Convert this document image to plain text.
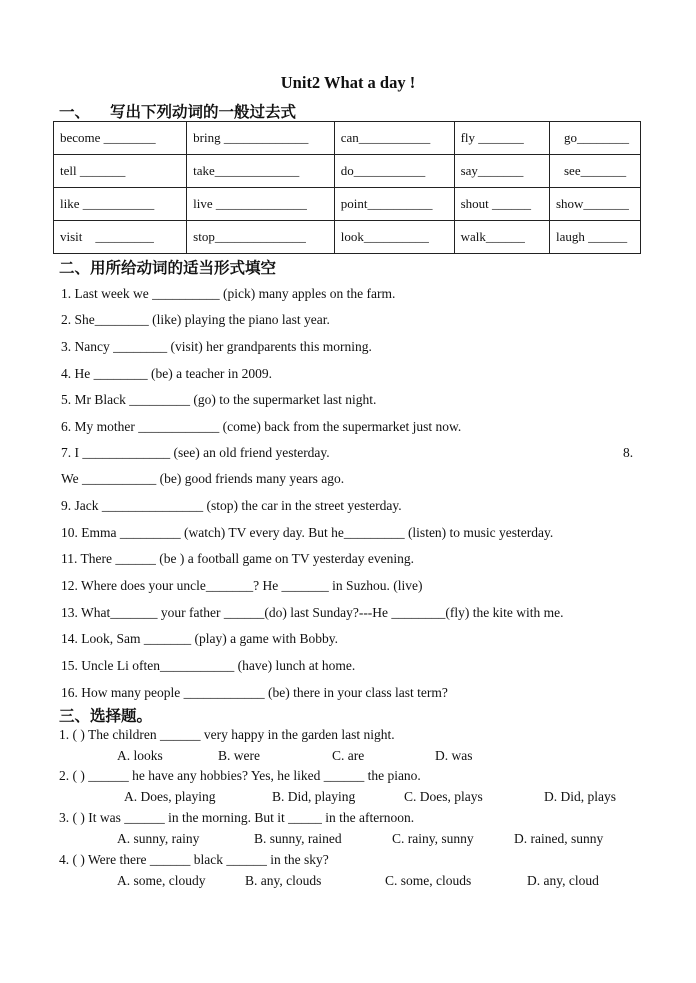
Unit2 What a day !
一、 写出下列动词的一般过去式
become ________	bring _____________	can___________	fly _______	go________
tell _______	take_____________	do___________	say_______	see_______
like ___________	live ______________	point__________	shout ______	show_______
visit    _________	stop______________	look__________	walk______	laugh ______
二、用所给动词的适当形式填空
1. Last week we __________ (pick) many apples on the farm.
2. She________ (like) playing the piano last year.
3. Nancy ________ (visit) her grandparents this morning.
4. He ________ (be) a teacher in 2009.
5. Mr Black _________ (go) to the supermarket last night.
6. My mother ____________ (come) back from the supermarket just now.
7. I _____________ (see) an old friend yesterday.	8.
We ___________ (be) good friends many years ago.
9. Jack _______________ (stop) the car in the street yesterday.
10. Emma _________ (watch) TV every day. But he_________ (listen) to music yesterday.
11. There ______ (be ) a football game on TV yesterday evening.
12. Where does your uncle_______? He _______ in Suzhou. (live)
13. What_______ your father ______(do) last Sunday?---He ________(fly) the kite with me.
14. Look, Sam _______ (play) a game with Bobby.
15. Uncle Li often___________ (have) lunch at home.
16. How many people ____________ (be) there in your class last term?
三、选择题。
1. ( ) The children ______ very happy in the garden last night.
A. looks	B. were	C. are	D. was
2. ( ) ______ he have any hobbies? Yes, he liked ______ the piano.
A. Does, playing	B. Did, playing	C. Does, plays	D. Did, plays
3. ( ) It was ______ in the morning. But it _____ in the afternoon.
A. sunny, rainy	B. sunny, rained	C. rainy, sunny	D. rained, sunny
4. ( ) Were there ______ black ______ in the sky?
A. some, cloudy	B. any, clouds	C. some, clouds	D. any, cloud
